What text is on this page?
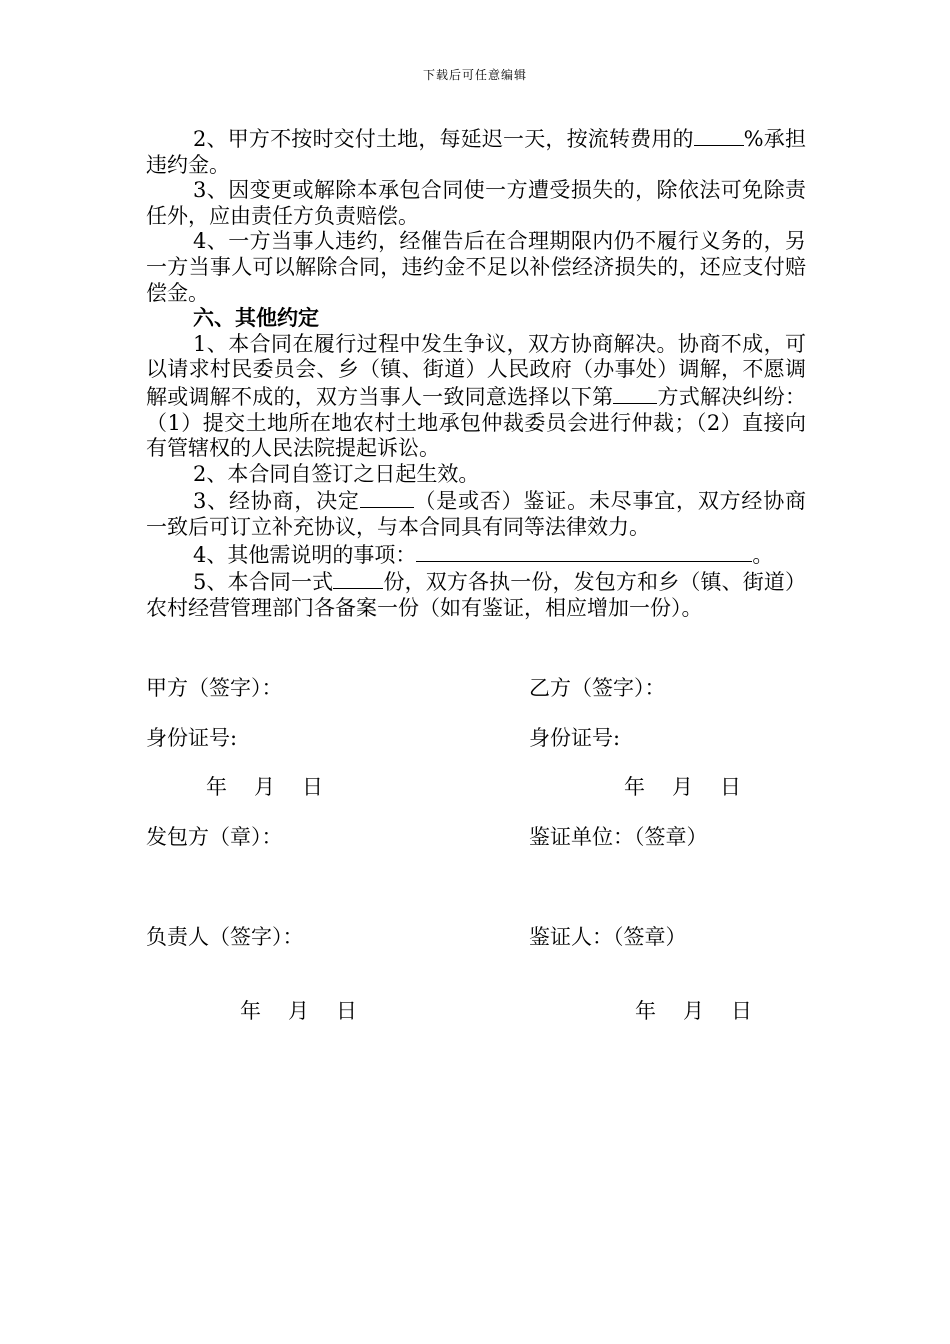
下载后可任意编辑

2、甲方不按时交付土地，每延迟一天，按流转费用的 %承担违约金。

3、因变更或解除本承包合同使一方遭受损失的，除依法可免除责任外，应由责任方负责赔偿。

4、一方当事人违约，经催告后在合理期限内仍不履行义务的，另一方当事人可以解除合同，违约金不足以补偿经济损失的，还应支付赔偿金。

六、其他约定

1、本合同在履行过程中发生争议，双方协商解决。协商不成，可以请求村民委员会、乡（镇、街道）人民政府（办事处）调解，不愿调解或调解不成的，双方当事人一致同意选择以下第 方式解决纠纷：（1）提交土地所在地农村土地承包仲裁委员会进行仲裁；（2）直接向有管辖权的人民法院提起诉讼。

2、本合同自签订之日起生效。

3、经协商，决定	（是或否）鉴证。未尽事宜，双方经协商一致后可订立补充协议，与本合同具有同等法律效力。

4、其他需说明的事项：	。

5、本合同一式 份，双方各执一份，发包方和乡（镇、街道）农村经营管理部门各备案一份（如有鉴证，相应增加一份）。

甲方（签字）：	乙方（签字）：
身份证号:	身份证号:
年 月 日	年 月 日
发包方（章）：	鉴证单位：（签章）
负责人（签字）：	鉴证人：（签章）
年 月 日	年 月 日
